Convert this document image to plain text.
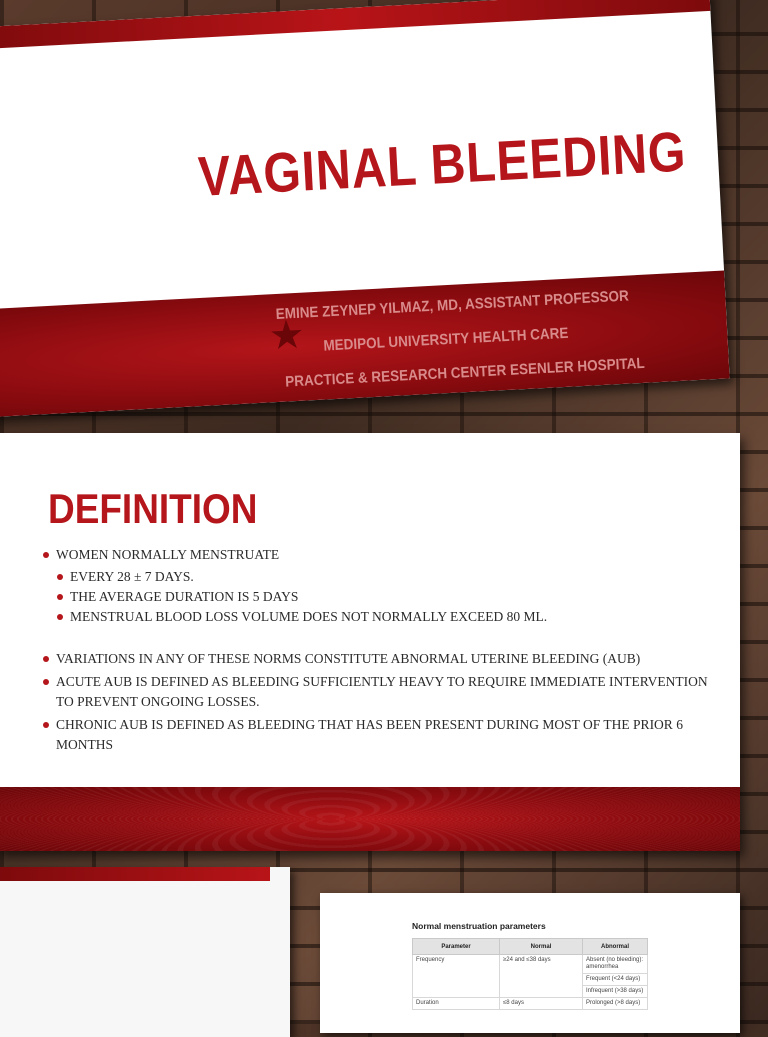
VAGINAL BLEEDING
★
EMINE ZEYNEP YILMAZ, MD, ASSISTANT PROFESSOR
MEDIPOL UNIVERSITY HEALTH CARE
PRACTICE & RESEARCH CENTER ESENLER HOSPITAL
DEFINITION
WOMEN NORMALLY MENSTRUATE
EVERY 28 ± 7 DAYS.
THE AVERAGE DURATION IS 5 DAYS
MENSTRUAL BLOOD LOSS VOLUME DOES NOT NORMALLY EXCEED 80 ML.
VARIATIONS IN ANY OF THESE NORMS CONSTITUTE ABNORMAL UTERINE BLEEDING (AUB)
ACUTE AUB IS DEFINED AS BLEEDING SUFFICIENTLY HEAVY TO REQUIRE IMMEDIATE INTERVENTION TO PREVENT ONGOING LOSSES.
CHRONIC AUB IS DEFINED AS BLEEDING THAT HAS BEEN PRESENT DURING MOST OF THE PRIOR 6 MONTHS
Normal menstruation parameters
Parameter	Normal	Abnormal
Frequency	≥24 and ≤38 days	Absent (no bleeding): amenorrhea
		Frequent (<24 days)
		Infrequent (>38 days)
Duration	≤8 days	Prolonged (>8 days)
